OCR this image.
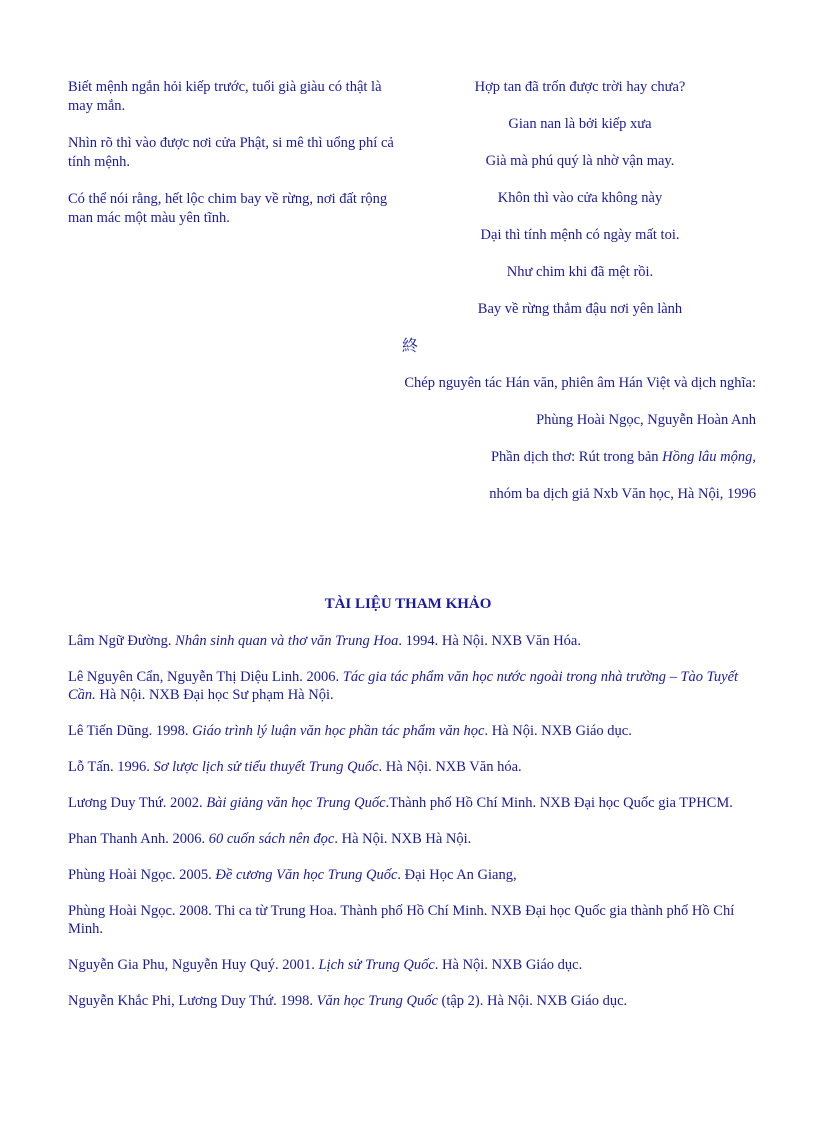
Biết mệnh ngắn hỏi kiếp trước, tuổi già giàu có thật là may mắn.

Nhìn rõ thì vào được nơi cửa Phật, si mê thì uổng phí cả tính mệnh.

Có thể nói rằng, hết lộc chim bay về rừng, nơi đất rộng man mác một màu yên tĩnh.

Hợp tan đã trốn được trời hay chưa?

Gian nan là bởi kiếp xưa

Già mà phú quý là nhờ vận may.

Khôn thì vào cửa không này

Dại thì tính mệnh có ngày mất toi.

Như chim khi đã mệt rồi.

Bay về rừng thẳm đậu nơi yên lành

終

Chép nguyên tác Hán văn, phiên âm Hán Việt và dịch nghĩa:

Phùng Hoài Ngọc, Nguyễn Hoàn Anh

Phần dịch thơ: Rút trong bản Hồng lâu mộng,

nhóm ba dịch giả Nxb Văn học, Hà Nội, 1996

TÀI LIỆU THAM KHẢO

Lâm Ngữ Đường. Nhân sinh quan và thơ văn Trung Hoa. 1994. Hà Nội. NXB Văn Hóa.

Lê Nguyên Cẩn, Nguyễn Thị Diệu Linh. 2006. Tác gia tác phẩm văn học nước ngoài trong nhà trường – Tào Tuyết Cần. Hà Nội. NXB Đại học Sư phạm Hà Nội.

Lê Tiến Dũng. 1998. Giáo trình lý luận văn học phần tác phẩm văn học. Hà Nội. NXB Giáo dục.

Lỗ Tấn. 1996. Sơ lược lịch sử tiểu thuyết Trung Quốc. Hà Nội. NXB Văn hóa.

Lương Duy Thứ. 2002. Bài giảng văn học Trung Quốc.Thành phố Hồ Chí Minh. NXB Đại học Quốc gia TPHCM.

Phan Thanh Anh. 2006. 60 cuốn sách nên đọc. Hà Nội. NXB Hà Nội.

Phùng Hoài Ngọc. 2005. Đề cương Văn học Trung Quốc. Đại Học An Giang,

Phùng Hoài Ngọc. 2008. Thi ca từ Trung Hoa. Thành phố Hồ Chí Minh. NXB Đại học Quốc gia thành phố Hồ Chí Minh.

Nguyễn Gia Phu, Nguyễn Huy Quý. 2001. Lịch sử Trung Quốc. Hà Nội. NXB Giáo dục.

Nguyễn Khắc Phi, Lương Duy Thứ. 1998. Văn học Trung Quốc (tập 2). Hà Nội. NXB Giáo dục.
